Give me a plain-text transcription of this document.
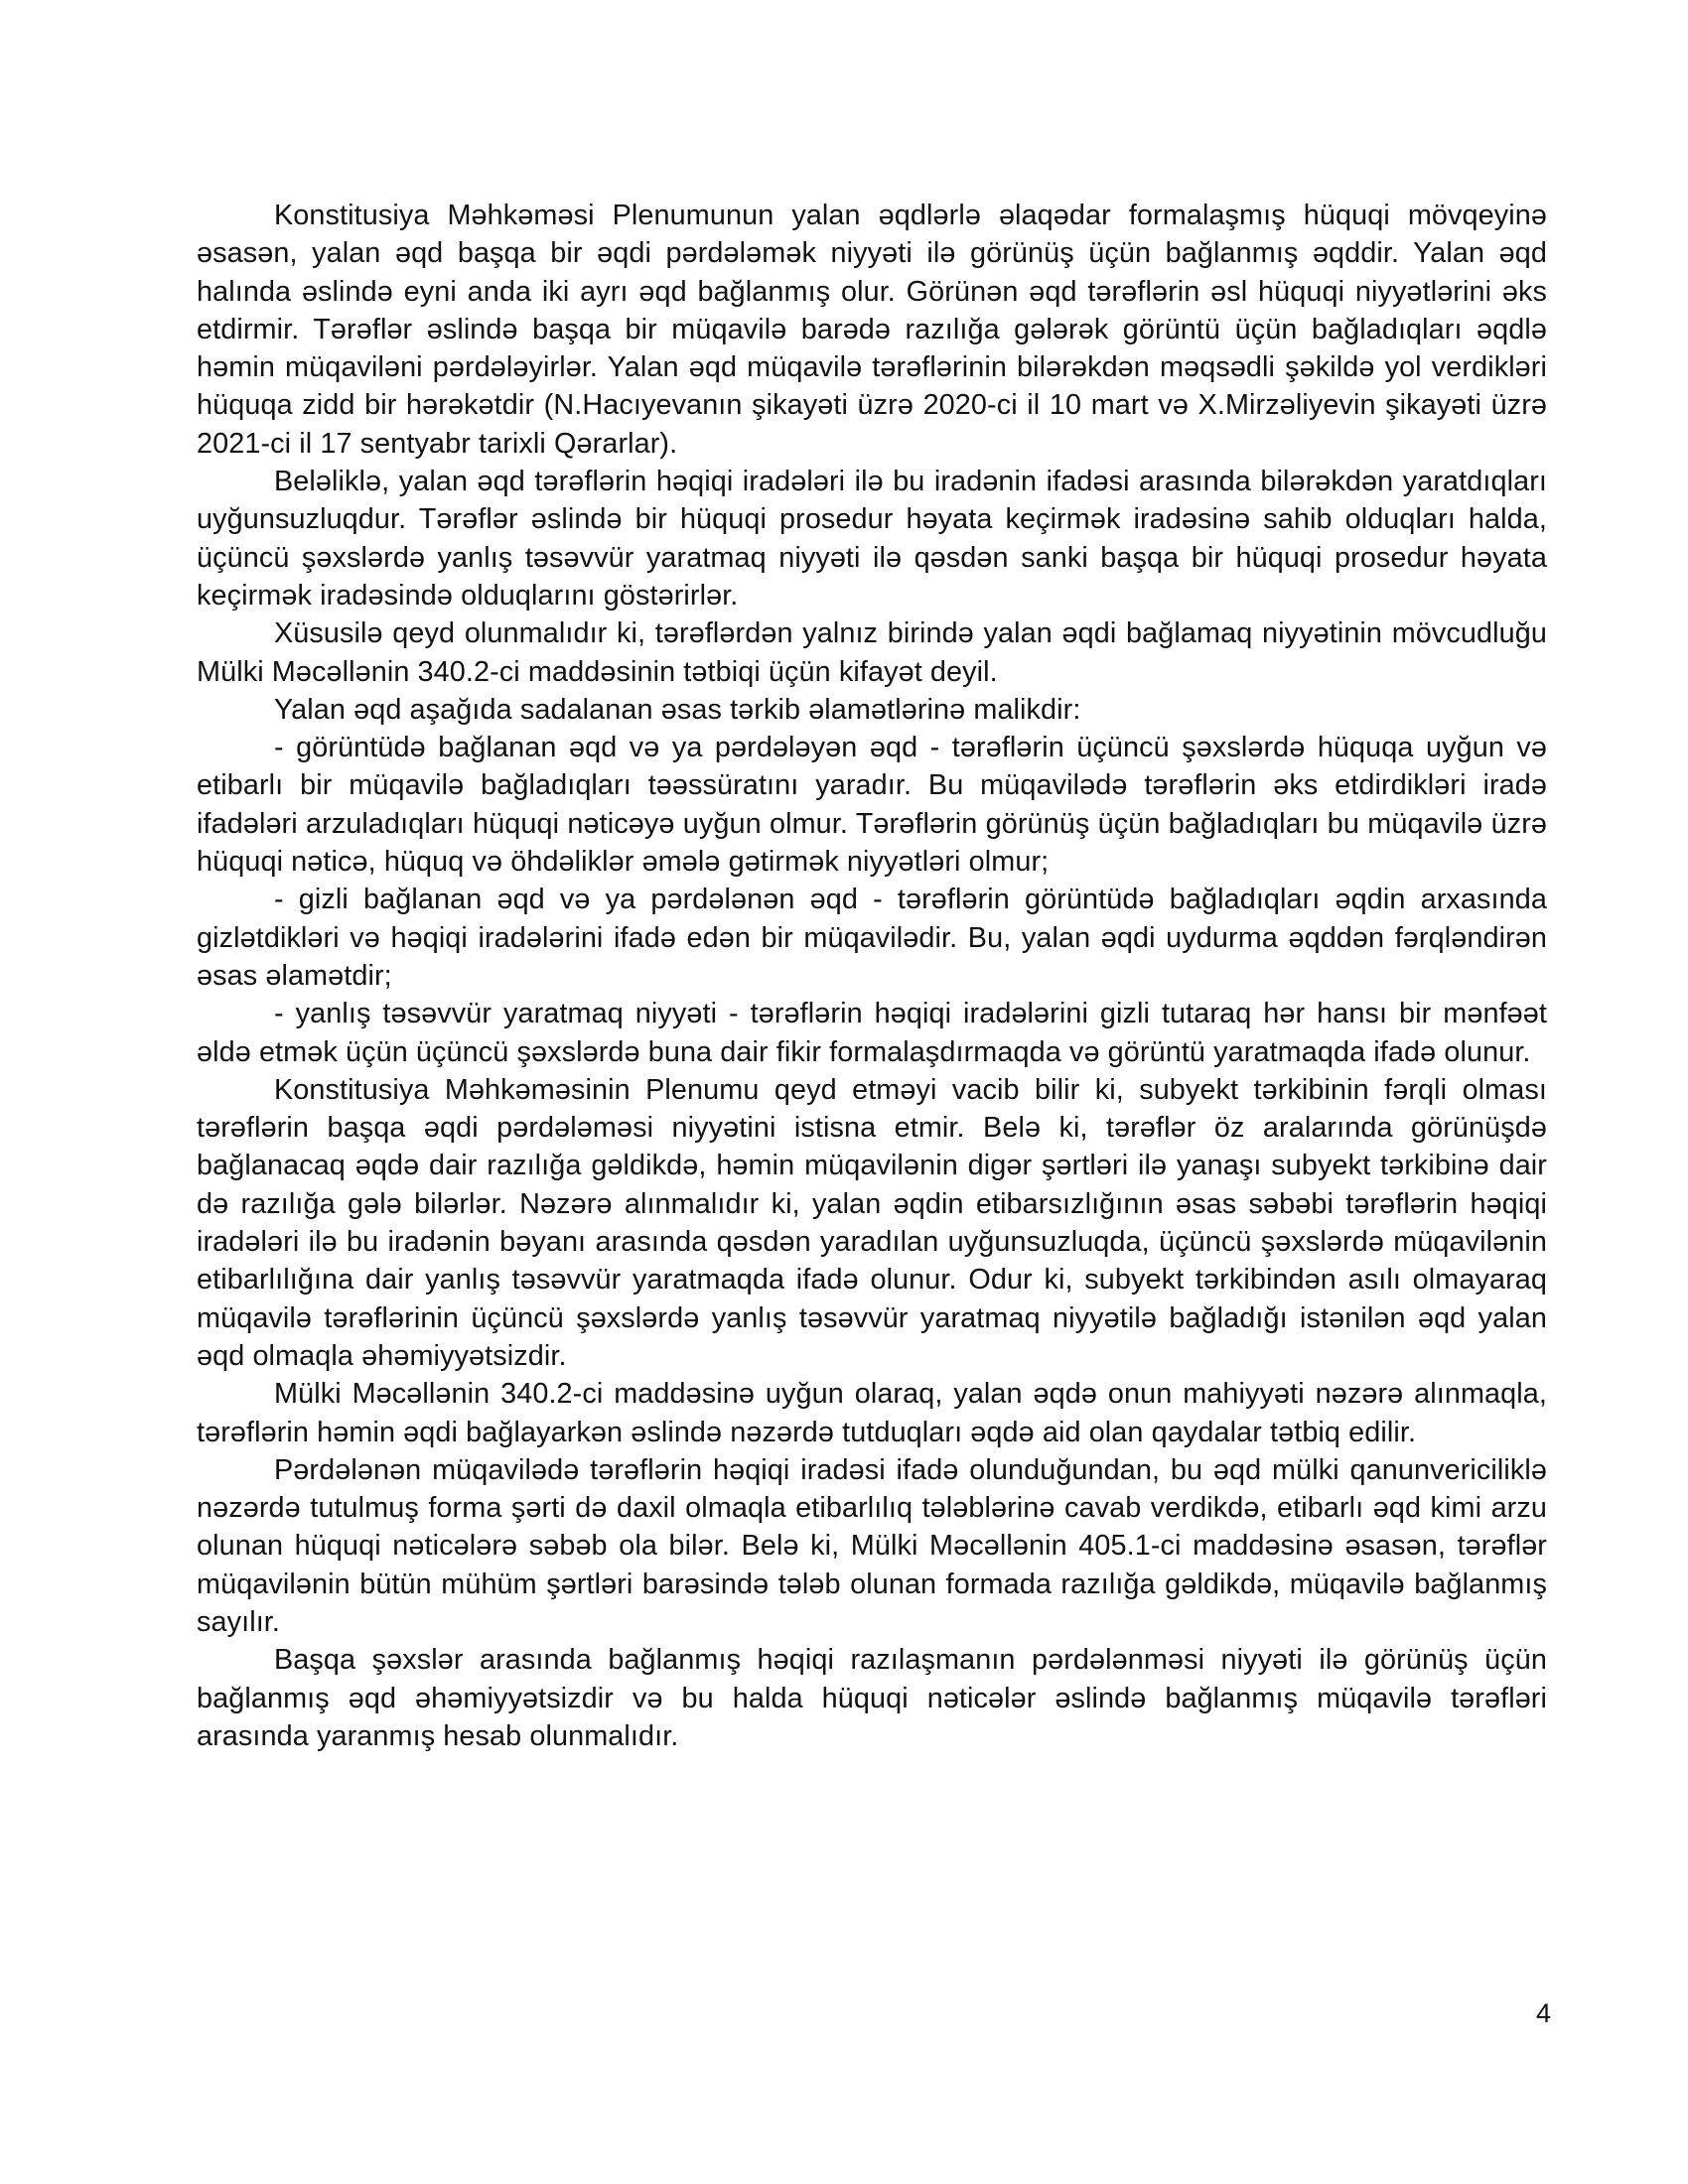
Konstitusiya Məhkəməsi Plenumunun yalan əqdlərlə əlaqədar formalaşmış hüquqi mövqeyinə əsasən, yalan əqd başqa bir əqdi pərdələmək niyyəti ilə görünüş üçün bağlanmış əqddir. Yalan əqd halında əslində eyni anda iki ayrı əqd bağlanmış olur. Görünən əqd tərəflərin əsl hüquqi niyyətlərini əks etdirmir. Tərəflər əslində başqa bir müqavilə barədə razılığa gələrək görüntü üçün bağladıqları əqdlə həmin müqaviləni pərdələyirlər. Yalan əqd müqavilə tərəflərinin bilərəkdən məqsədli şəkildə yol verdikləri hüquqa zidd bir hərəkətdir (N.Hacıyevanın şikayəti üzrə 2020-ci il 10 mart və X.Mirzəliyevin şikayəti üzrə 2021-ci il 17 sentyabr tarixli Qərarlar).

Beləliklə, yalan əqd tərəflərin həqiqi iradələri ilə bu iradənin ifadəsi arasında bilərəkdən yaratdıqları uyğunsuzluqdur. Tərəflər əslində bir hüquqi prosedur həyata keçirmək iradəsinə sahib olduqları halda, üçüncü şəxslərdə yanlış təsəvvür yaratmaq niyyəti ilə qəsdən sanki başqa bir hüquqi prosedur həyata keçirmək iradəsində olduqlarını göstərirlər.

Xüsusilə qeyd olunmalıdır ki, tərəflərdən yalnız birində yalan əqdi bağlamaq niyyətinin mövcudluğu Mülki Məcəllənin 340.2-ci maddəsinin tətbiqi üçün kifayət deyil.

Yalan əqd aşağıda sadalanan əsas tərkib əlamətlərinə malikdir:

- görüntüdə bağlanan əqd və ya pərdələyən əqd - tərəflərin üçüncü şəxslərdə hüquqa uyğun və etibarlı bir müqavilə bağladıqları təəssüratını yaradır. Bu müqavilədə tərəflərin əks etdirdikləri iradə ifadələri arzuladıqları hüquqi nəticəyə uyğun olmur. Tərəflərin görünüş üçün bağladıqları bu müqavilə üzrə hüquqi nəticə, hüquq və öhdəliklər əmələ gətirmək niyyətləri olmur;

- gizli bağlanan əqd və ya pərdələnən əqd - tərəflərin görüntüdə bağladıqları əqdin arxasında gizlətdikləri və həqiqi iradələrini ifadə edən bir müqavilədir. Bu, yalan əqdi uydurma əqddən fərqləndirən əsas əlamətdir;

- yanlış təsəvvür yaratmaq niyyəti - tərəflərin həqiqi iradələrini gizli tutaraq hər hansı bir mənfəət əldə etmək üçün üçüncü şəxslərdə buna dair fikir formalaşdırmaqda və görüntü yaratmaqda ifadə olunur.

Konstitusiya Məhkəməsinin Plenumu qeyd etməyi vacib bilir ki, subyekt tərkibinin fərqli olması tərəflərin başqa əqdi pərdələməsi niyyətini istisna etmir. Belə ki, tərəflər öz aralarında görünüşdə bağlanacaq əqdə dair razılığa gəldikdə, həmin müqavilənin digər şərtləri ilə yanaşı subyekt tərkibinə dair də razılığa gələ bilərlər. Nəzərə alınmalıdır ki, yalan əqdin etibarsızlığının əsas səbəbi tərəflərin həqiqi iradələri ilə bu iradənin bəyanı arasında qəsdən yaradılan uyğunsuzluqda, üçüncü şəxslərdə müqavilənin etibarlılığına dair yanlış təsəvvür yaratmaqda ifadə olunur. Odur ki, subyekt tərkibindən asılı olmayaraq müqavilə tərəflərinin üçüncü şəxslərdə yanlış təsəvvür yaratmaq niyyətilə bağladığı istənilən əqd yalan əqd olmaqla əhəmiyyətsizdir.

Mülki Məcəllənin 340.2-ci maddəsinə uyğun olaraq, yalan əqdə onun mahiyyəti nəzərə alınmaqla, tərəflərin həmin əqdi bağlayarkən əslində nəzərdə tutduqları əqdə aid olan qaydalar tətbiq edilir.

Pərdələnən müqavilədə tərəflərin həqiqi iradəsi ifadə olunduğundan, bu əqd mülki qanunvericiliklə nəzərdə tutulmuş forma şərti də daxil olmaqla etibarlılıq tələblərinə cavab verdikdə, etibarlı əqd kimi arzu olunan hüquqi nəticələrə səbəb ola bilər. Belə ki, Mülki Məcəllənin 405.1-ci maddəsinə əsasən, tərəflər müqavilənin bütün mühüm şərtləri barəsində tələb olunan formada razılığa gəldikdə, müqavilə bağlanmış sayılır.

Başqa şəxslər arasında bağlanmış həqiqi razılaşmanın pərdələnməsi niyyəti ilə görünüş üçün bağlanmış əqd əhəmiyyətsizdir və bu halda hüquqi nəticələr əslində bağlanmış müqavilə tərəfləri arasında yaranmış hesab olunmalıdır.

4
